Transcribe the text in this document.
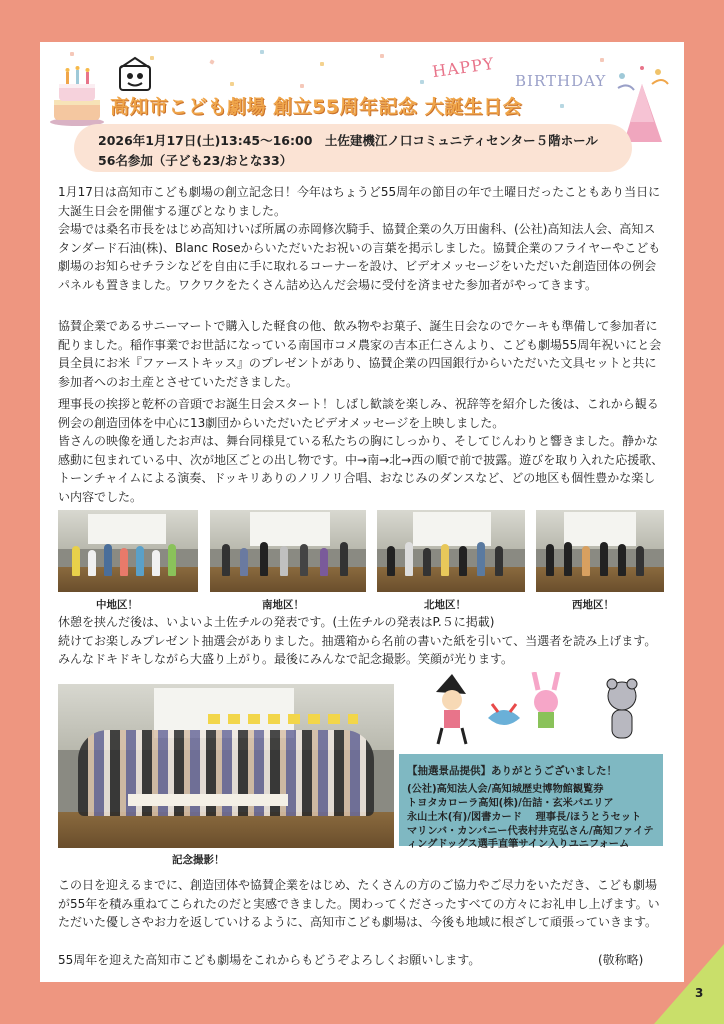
高知市こども劇場 創立55周年記念 大誕生日会
HAPPY BIRTHDAY
2026年1月17日(土)13:45～16:00　土佐建機江ノ口コミュニティセンター５階ホール
56名参加（子ども23/おとな33）

1月17日は高知市こども劇場の創立記念日！今年はちょうど55周年の節目の年で土曜日だったこともあり当日に大誕生日会を開催する運びとなりました。
会場では桑名市長をはじめ高知けいば所属の赤岡修次騎手、協賛企業の久万田歯科、(公社)高知法人会、高知スタンダード石油(株)、Blanc Roseからいただいたお祝いの言葉を掲示しました。協賛企業のフライヤーやこども劇場のお知らせチラシなどを自由に手に取れるコーナーを設け、ビデオメッセージをいただいた創造団体の例会パネルも置きました。ワクワクをたくさん詰め込んだ会場に受付を済ませた参加者がやってきます。

協賛企業であるサニーマートで購入した軽食の他、飲み物やお菓子、誕生日会なのでケーキも準備して参加者に配りました。稲作事業でお世話になっている南国市コメ農家の吉本正仁さんより、こども劇場55周年祝いにと会員全員にお米『ファーストキッス』のプレゼントがあり、協賛企業の四国銀行からいただいた文具セットと共に参加者へのお土産とさせていただきました。

理事長の挨拶と乾杯の音頭でお誕生日会スタート！しばし歓談を楽しみ、祝辞等を紹介した後は、これから観る例会の創造団体を中心に13劇団からいただいたビデオメッセージを上映しました。
皆さんの映像を通したお声は、舞台同様見ている私たちの胸にしっかり、そしてじんわりと響きました。静かな感動に包まれている中、次が地区ごとの出し物です。中→南→北→西の順で前で披露。遊びを取り入れた応援歌、トーンチャイムによる演奏、ドッキリありのノリノリ合唱、おなじみのダンスなど、どの地区も個性豊かな楽しい内容でした。

中地区！	南地区！	北地区！	西地区！

休憩を挟んだ後は、いよいよ土佐チルの発表です。(土佐チルの発表はP.５に掲載)
続けてお楽しみプレゼント抽選会がありました。抽選箱から名前の書いた紙を引いて、当選者を読み上げます。みんなドキドキしながら大盛り上がり。最後にみんなで記念撮影。笑顔が光ります。

記念撮影！
【抽選景品提供】ありがとうございました！
(公社)高知法人会/高知城歴史博物館観覧券
トヨタカローラ高知(株)/缶詰・玄米パエリア
永山土木(有)/図書カード　 理事長/ほうとうセット
マリンバ・カンパニー代表村井克弘さん/高知ファイテ
ィングドッグス選手直筆サイン入りユニフォーム

この日を迎えるまでに、創造団体や協賛企業をはじめ、たくさんの方のご協力やご尽力をいただき、こども劇場が55年を積み重ねてこられたのだと実感できました。関わってくださったすべての方々にお礼申し上げます。いただいた優しさやお力を返していけるように、高知市こども劇場は、今後も地域に根ざして頑張っていきます。

55周年を迎えた高知市こども劇場をこれからもどうぞよろしくお願いします。	(敬称略)
3
